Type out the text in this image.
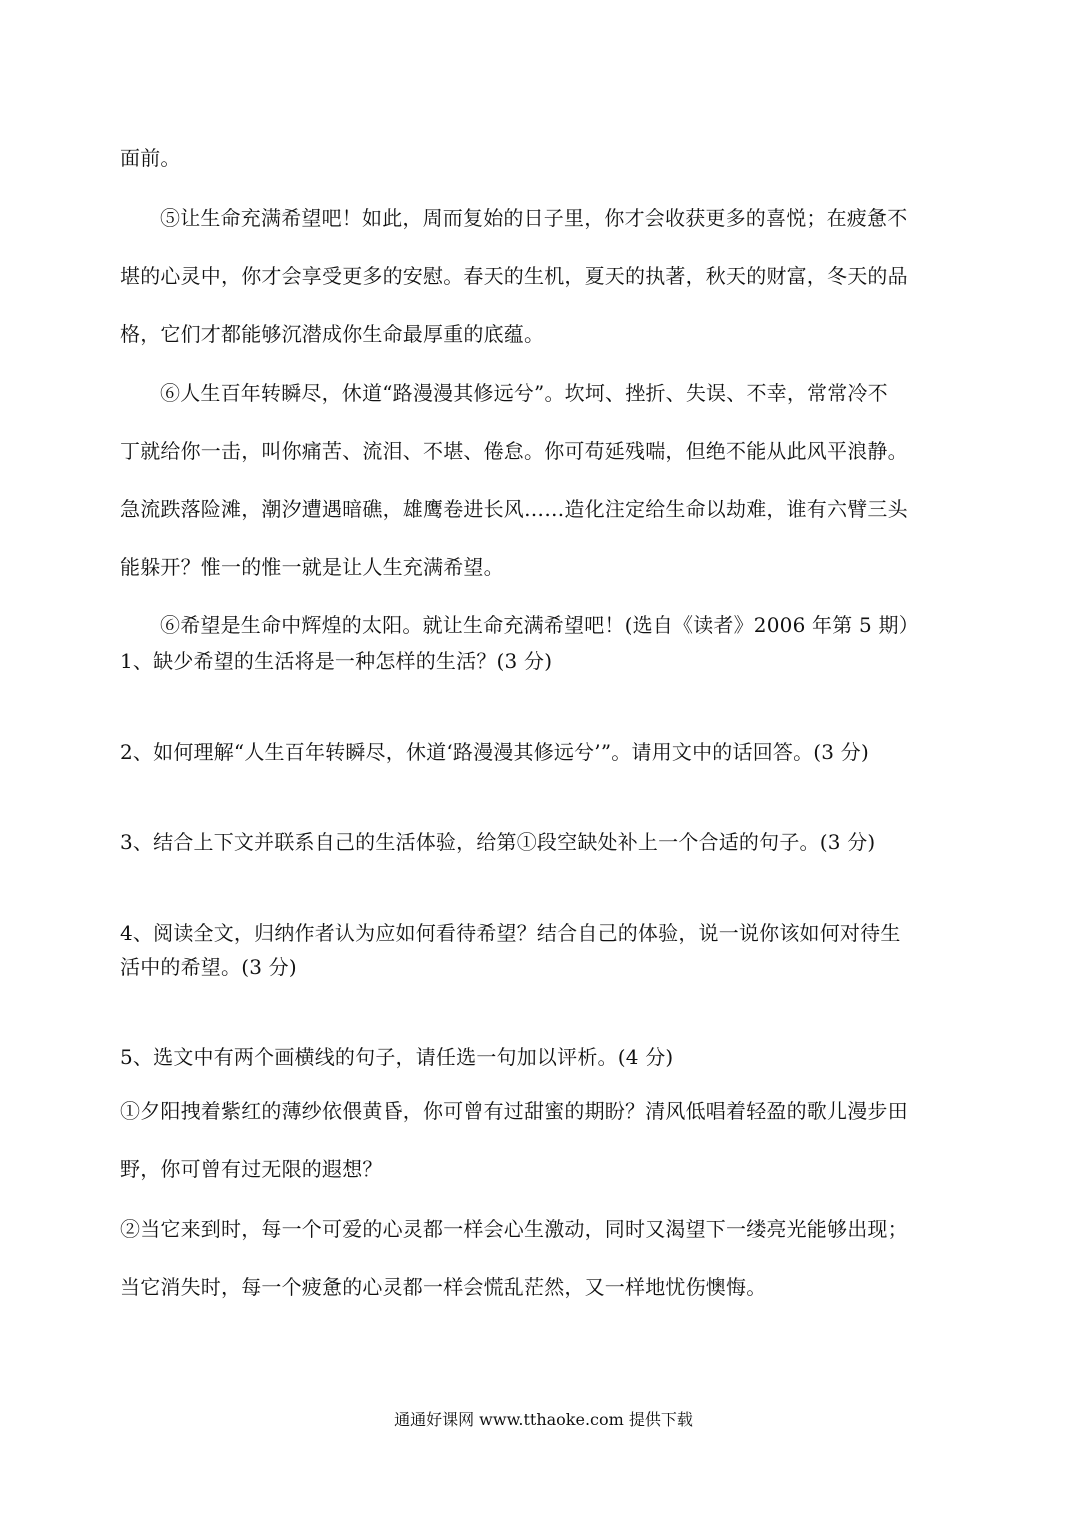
面前。
⑤让生命充满希望吧！如此，周而复始的日子里，你才会收获更多的喜悦；在疲惫不
堪的心灵中，你才会享受更多的安慰。春天的生机，夏天的执著，秋天的财富，冬天的品
格，它们才都能够沉潜成你生命最厚重的底蕴。
⑥人生百年转瞬尽，休道“路漫漫其修远兮”。坎坷、挫折、失误、不幸，常常冷不
丁就给你一击，叫你痛苦、流泪、不堪、倦怠。你可苟延残喘，但绝不能从此风平浪静。
急流跌落险滩，潮汐遭遇暗礁，雄鹰卷进长风……造化注定给生命以劫难，谁有六臂三头
能躲开？惟一的惟一就是让人生充满希望。
⑥希望是生命中辉煌的太阳。就让生命充满希望吧！(选自《读者》2006 年第 5 期）
1、缺少希望的生活将是一种怎样的生活？(3 分)
2、如何理解“人生百年转瞬尽，休道‘路漫漫其修远兮’”。请用文中的话回答。(3 分)
3、结合上下文并联系自己的生活体验，给第①段空缺处补上一个合适的句子。(3 分)
4、阅读全文，归纳作者认为应如何看待希望？结合自己的体验，说一说你该如何对待生
活中的希望。(3 分)
5、选文中有两个画横线的句子，请任选一句加以评析。(4 分)
①夕阳拽着紫红的薄纱依偎黄昏，你可曾有过甜蜜的期盼？清风低唱着轻盈的歌儿漫步田
野，你可曾有过无限的遐想？
②当它来到时，每一个可爱的心灵都一样会心生激动，同时又渴望下一缕亮光能够出现；
当它消失时，每一个疲惫的心灵都一样会慌乱茫然，又一样地忧伤懊悔。
通通好课网 www.tthaoke.com 提供下载
